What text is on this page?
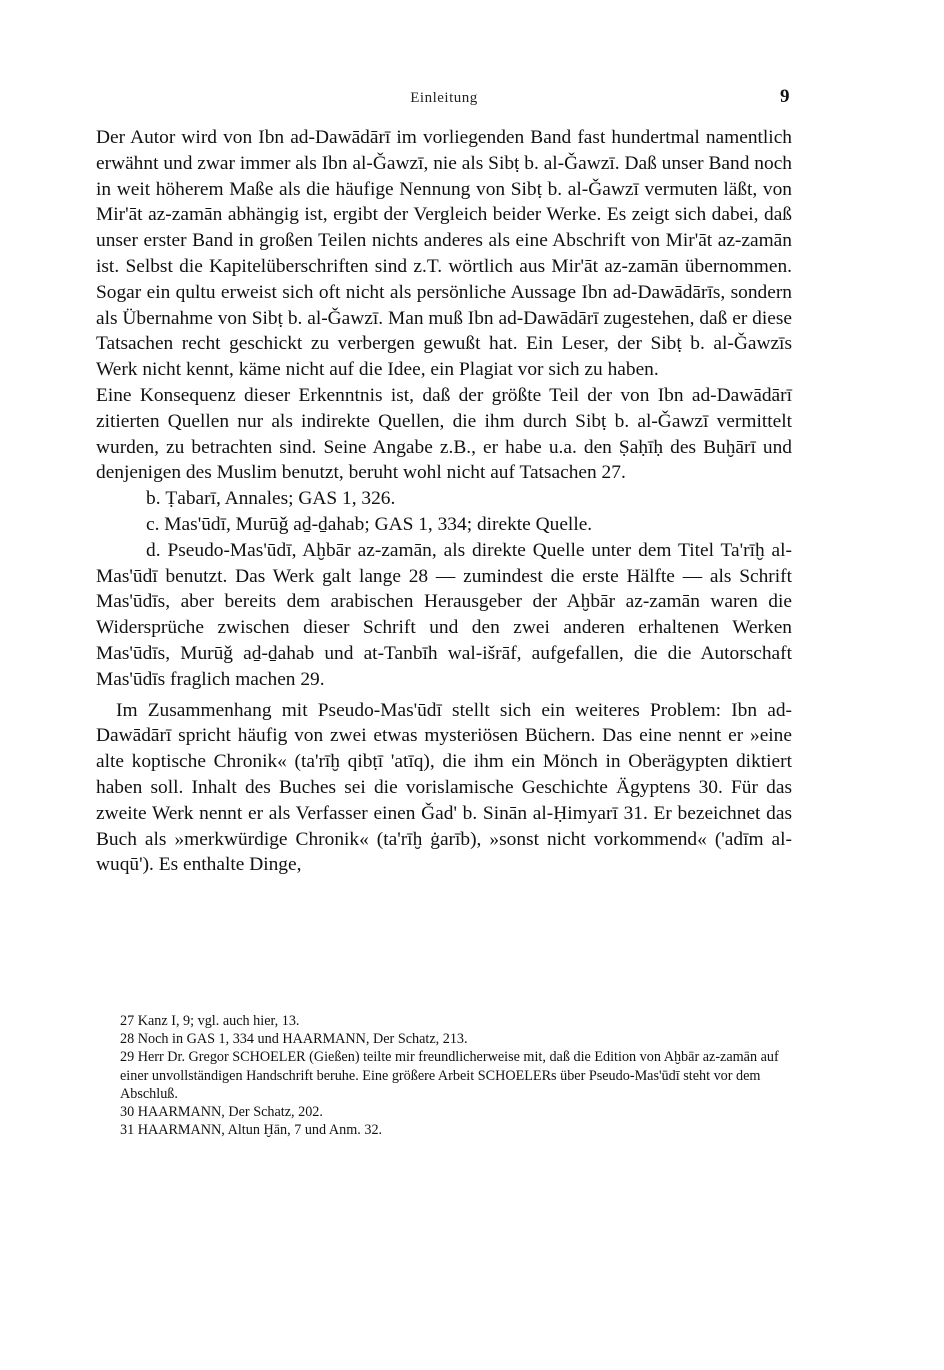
Einleitung	9

Der Autor wird von Ibn ad-Dawādārī im vorliegenden Band fast hundertmal namentlich erwähnt und zwar immer als Ibn al-Ǧawzī, nie als Sibṭ b. al-Ǧawzī. Daß unser Band noch in weit höherem Maße als die häufige Nennung von Sibṭ b. al-Ǧawzī vermuten läßt, von Mir'āt az-zamān abhängig ist, ergibt der Vergleich beider Werke. Es zeigt sich dabei, daß unser erster Band in großen Teilen nichts anderes als eine Abschrift von Mir'āt az-zamān ist. Selbst die Kapitelüberschriften sind z.T. wörtlich aus Mir'āt az-zamān übernommen. Sogar ein qultu erweist sich oft nicht als persönliche Aussage Ibn ad-Dawādārīs, sondern als Übernahme von Sibṭ b. al-Ǧawzī. Man muß Ibn ad-Dawādārī zugestehen, daß er diese Tatsachen recht geschickt zu verbergen gewußt hat. Ein Leser, der Sibṭ b. al-Ǧawzīs Werk nicht kennt, käme nicht auf die Idee, ein Plagiat vor sich zu haben.

Eine Konsequenz dieser Erkenntnis ist, daß der größte Teil der von Ibn ad-Dawādārī zitierten Quellen nur als indirekte Quellen, die ihm durch Sibṭ b. al-Ǧawzī vermittelt wurden, zu betrachten sind. Seine Angabe z.B., er habe u.a. den Ṣaḥīḥ des Buḫārī und denjenigen des Muslim benutzt, beruht wohl nicht auf Tatsachen 27.

b. Ṭabarī, Annales; GAS 1, 326.

c. Mas'ūdī, Murūǧ aḏ-ḏahab; GAS 1, 334; direkte Quelle.

d. Pseudo-Mas'ūdī, Aḫbār az-zamān, als direkte Quelle unter dem Titel Ta'rīḫ al-Mas'ūdī benutzt. Das Werk galt lange 28 — zumindest die erste Hälfte — als Schrift Mas'ūdīs, aber bereits dem arabischen Herausgeber der Aḫbār az-zamān waren die Widersprüche zwischen dieser Schrift und den zwei anderen erhaltenen Werken Mas'ūdīs, Murūǧ aḏ-ḏahab und at-Tanbīh wal-išrāf, aufgefallen, die die Autorschaft Mas'ūdīs fraglich machen 29.

Im Zusammenhang mit Pseudo-Mas'ūdī stellt sich ein weiteres Problem: Ibn ad-Dawādārī spricht häufig von zwei etwas mysteriösen Büchern. Das eine nennt er »eine alte koptische Chronik« (ta'rīḫ qibṭī 'atīq), die ihm ein Mönch in Oberägypten diktiert haben soll. Inhalt des Buches sei die vorislamische Geschichte Ägyptens 30. Für das zweite Werk nennt er als Verfasser einen Ǧad' b. Sinān al-Ḥimyarī 31. Er bezeichnet das Buch als »merkwürdige Chronik« (ta'rīḫ ġarīb), »sonst nicht vorkommend« ('adīm al-wuqū'). Es enthalte Dinge,

27 Kanz I, 9; vgl. auch hier, 13.

28 Noch in GAS 1, 334 und HAARMANN, Der Schatz, 213.

29 Herr Dr. Gregor SCHOELER (Gießen) teilte mir freundlicherweise mit, daß die Edition von Aḫbār az-zamān auf einer unvollständigen Handschrift beruhe. Eine größere Arbeit SCHOELERs über Pseudo-Mas'ūdī steht vor dem Abschluß.

30 HAARMANN, Der Schatz, 202.

31 HAARMANN, Altun Ḫān, 7 und Anm. 32.
